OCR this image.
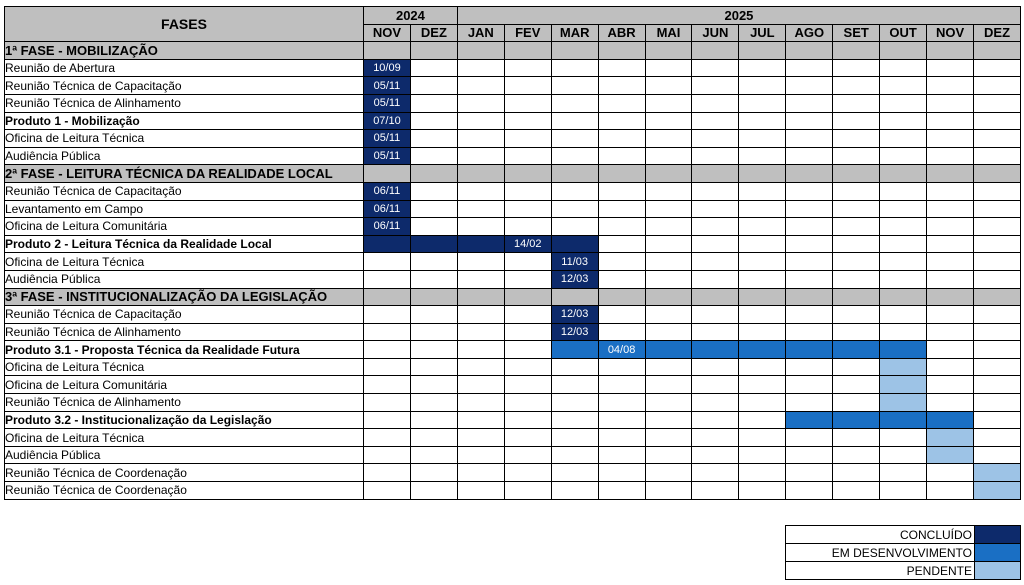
FASES	2024		2025											
	NOV	DEZ	JAN	FEV	MAR	ABR	MAI	JUN	JUL	AGO	SET	OUT	NOV	DEZ
1ª FASE - MOBILIZAÇÃO														
Reunião de Abertura	10/09													
Reunião Técnica de Capacitação	05/11													
Reunião Técnica de Alinhamento	05/11													
Produto 1 - Mobilização	07/10													
Oficina de Leitura Técnica	05/11													
Audiência Pública	05/11													
2ª FASE - LEITURA TÉCNICA DA REALIDADE LOCAL														
Reunião Técnica de Capacitação	06/11													
Levantamento em Campo	06/11													
Oficina de Leitura Comunitária	06/11													
Produto 2 - Leitura Técnica da Realidade Local				14/02										
Oficina de Leitura Técnica					11/03									
Audiência Pública					12/03									
3ª FASE - INSTITUCIONALIZAÇÃO DA LEGISLAÇÃO														
Reunião Técnica de Capacitação					12/03									
Reunião Técnica de Alinhamento					12/03									
Produto 3.1 - Proposta Técnica da Realidade Futura						04/08								
Oficina de Leitura Técnica														
Oficina de Leitura Comunitária														
Reunião Técnica de Alinhamento														
Produto 3.2 - Institucionalização da Legislação														
Oficina de Leitura Técnica														
Audiência Pública														
Reunião Técnica de Coordenação														
Reunião Técnica de Coordenação														
CONCLUÍDO	
EM DESENVOLVIMENTO	
PENDENTE	
